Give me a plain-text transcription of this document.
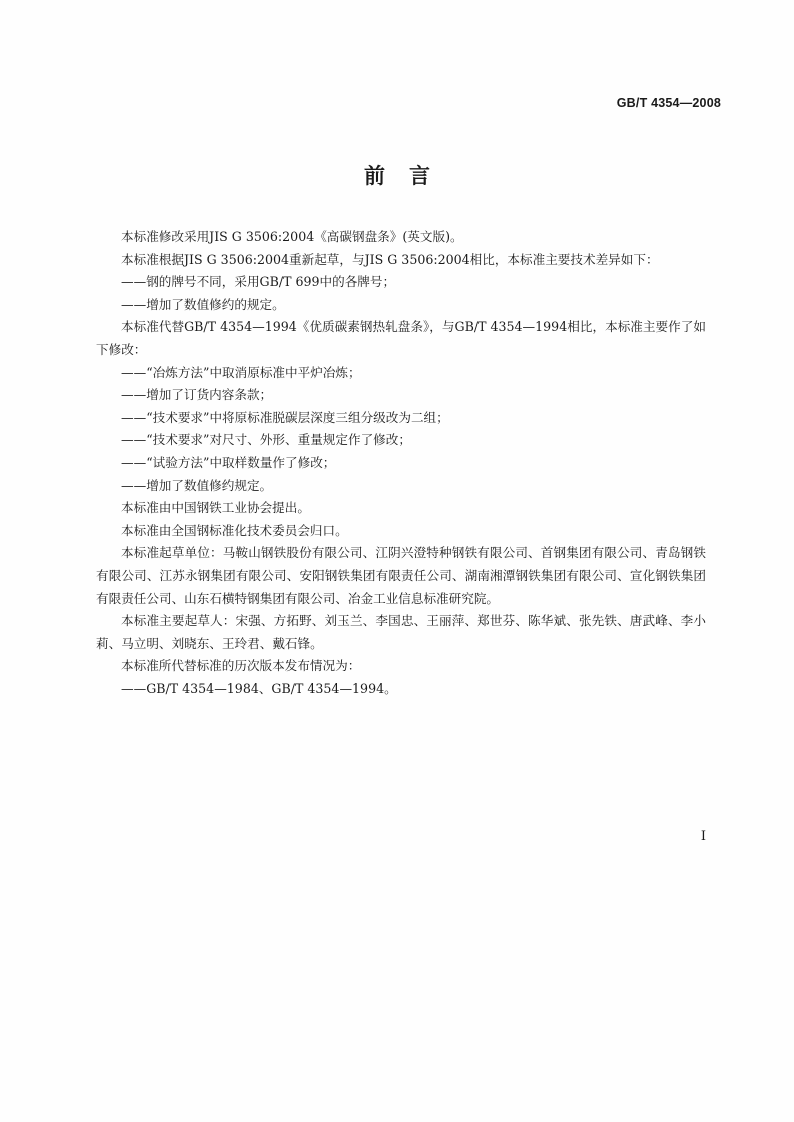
GB/T 4354—2008
前言

本标准修改采用JIS G 3506:2004《高碳钢盘条》(英文版)。

本标准根据JIS G 3506:2004重新起草，与JIS G 3506:2004相比，本标准主要技术差异如下：

——钢的牌号不同，采用GB/T 699中的各牌号；

——增加了数值修约的规定。

本标准代替GB/T 4354—1994《优质碳素钢热轧盘条》，与GB/T 4354—1994相比，本标准主要作了如下修改：

——“冶炼方法”中取消原标准中平炉冶炼；

——增加了订货内容条款；

——“技术要求”中将原标准脱碳层深度三组分级改为二组；

——“技术要求”对尺寸、外形、重量规定作了修改；

——“试验方法”中取样数量作了修改；

——增加了数值修约规定。

本标准由中国钢铁工业协会提出。

本标准由全国钢标准化技术委员会归口。

本标准起草单位：马鞍山钢铁股份有限公司、江阴兴澄特种钢铁有限公司、首钢集团有限公司、青岛钢铁有限公司、江苏永钢集团有限公司、安阳钢铁集团有限责任公司、湖南湘潭钢铁集团有限公司、宣化钢铁集团有限责任公司、山东石横特钢集团有限公司、冶金工业信息标准研究院。

本标准主要起草人：宋强、方拓野、刘玉兰、李国忠、王丽萍、郑世芬、陈华斌、张先铁、唐武峰、李小莉、马立明、刘晓东、王玲君、戴石锋。

本标准所代替标准的历次版本发布情况为：

——GB/T 4354—1984、GB/T 4354—1994。

I
